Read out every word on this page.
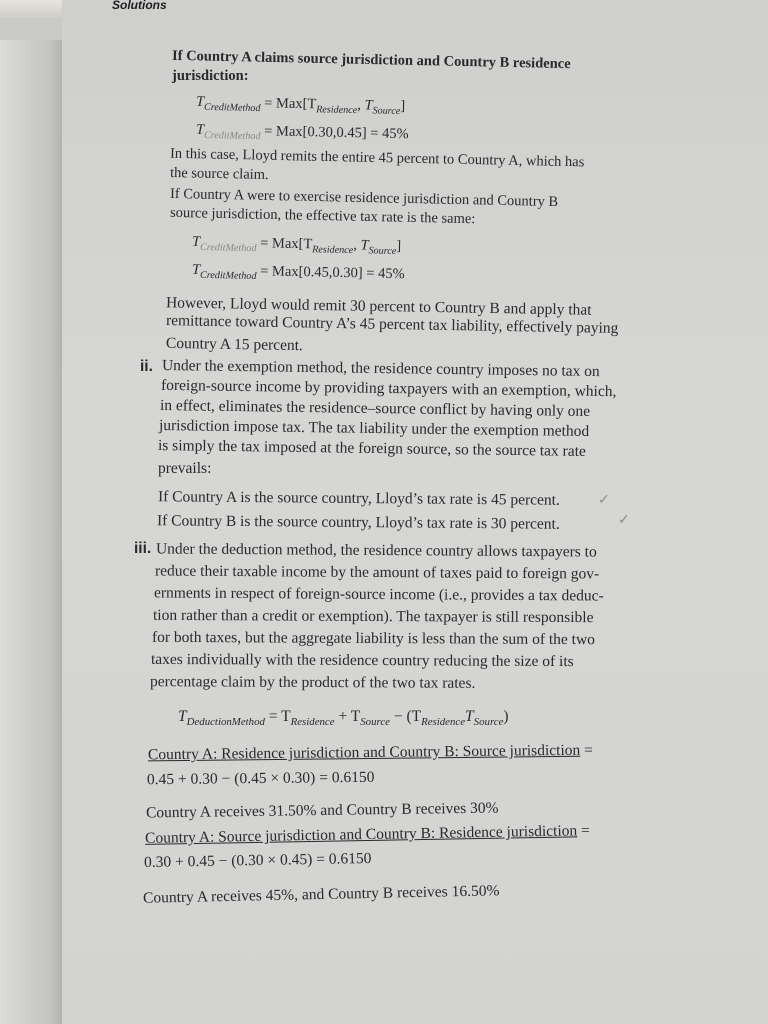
Solutions
If Country A claims source jurisdiction and Country B residence
jurisdiction:
$T_{CreditMethod} = Max[T_{Residence}$, $T_{Source}$]
$T_{CreditMethod} = Max[0.30,0.45] = 45\%$
In this case, Lloyd remits the entire 45 percent to Country A, which has
the source claim.
If Country A were to exercise residence jurisdiction and Country B
source jurisdiction, the effective tax rate is the same:
$T_{CreditMethod} = Max[T_{Residence}$, $T_{Source}$]
$T_{CreditMethod} = Max[0.45,0.30] = 45\%$
However, Lloyd would remit 30 percent to Country B and apply that
remittance toward Country A’s 45 percent tax liability, effectively paying
Country A 15 percent.
ii. Under the exemption method, the residence country imposes no tax on
foreign-source income by providing taxpayers with an exemption, which,
in effect, eliminates the residence–source conflict by having only one
jurisdiction impose tax. The tax liability under the exemption method
is simply the tax imposed at the foreign source, so the source tax rate
prevails:
If Country A is the source country, Lloyd’s tax rate is 45 percent.	✓
If Country B is the source country, Lloyd’s tax rate is 30 percent.	✓
iii. Under the deduction method, the residence country allows taxpayers to
reduce their taxable income by the amount of taxes paid to foreign gov-
ernments in respect of foreign-source income (i.e., provides a tax deduc-
tion rather than a credit or exemption). The taxpayer is still responsible
for both taxes, but the aggregate liability is less than the sum of the two
taxes individually with the residence country reducing the size of its
percentage claim by the product of the two tax rates.
$T_{DeductionMethod} = T_{Residence} + T_{Source} - (T_{Residence}T_{Source})$
Country A: Residence jurisdiction and Country B: Source jurisdiction =
0.45 + 0.30 − (0.45 × 0.30) = 0.6150
Country A receives 31.50% and Country B receives 30%
Country A: Source jurisdiction and Country B: Residence jurisdiction =
0.30 + 0.45 − (0.30 × 0.45) = 0.6150
Country A receives 45%, and Country B receives 16.50%
